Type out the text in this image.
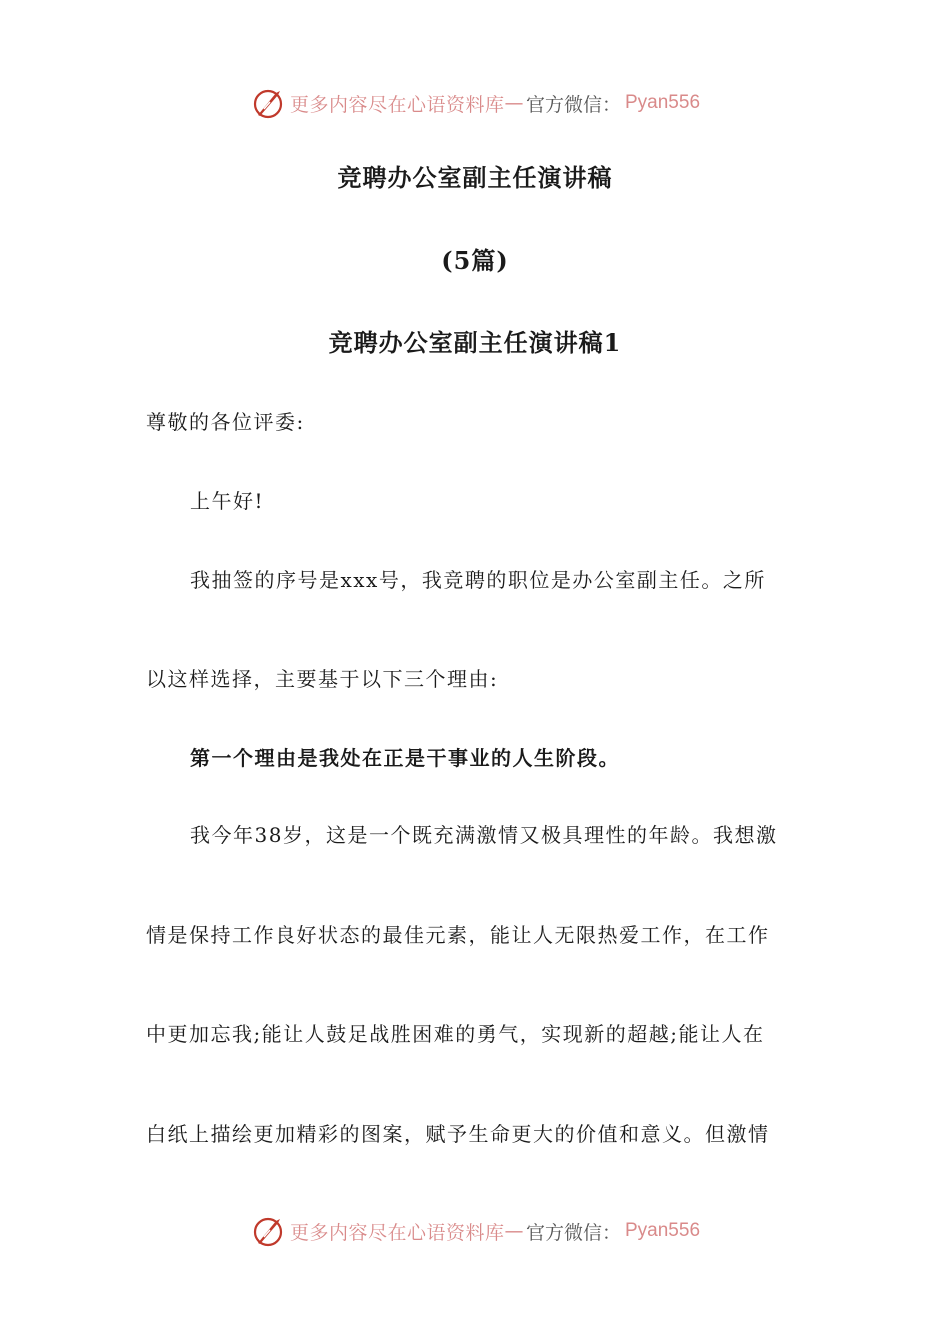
更多内容尽在心语资料库 — 官方微信： Pyan556
竞聘办公室副主任演讲稿
(5篇)
竞聘办公室副主任演讲稿1
尊敬的各位评委:
上午好!
我抽签的序号是xxx号，我竞聘的职位是办公室副主任。之所
以这样选择，主要基于以下三个理由:
第一个理由是我处在正是干事业的人生阶段。
我今年38岁，这是一个既充满激情又极具理性的年龄。我想激
情是保持工作良好状态的最佳元素，能让人无限热爱工作，在工作
中更加忘我;能让人鼓足战胜困难的勇气，实现新的超越;能让人在
白纸上描绘更加精彩的图案，赋予生命更大的价值和意义。但激情
更多内容尽在心语资料库 — 官方微信： Pyan556
